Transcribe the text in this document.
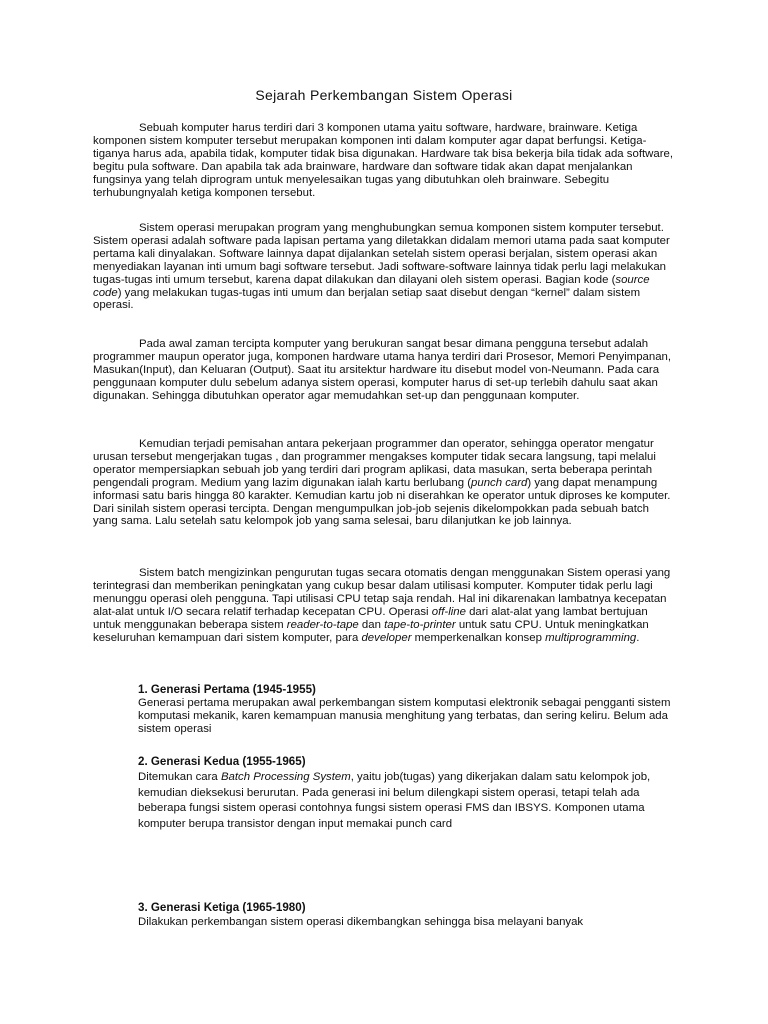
Sejarah Perkembangan Sistem Operasi

Sebuah komputer harus terdiri dari 3 komponen utama yaitu software, hardware, brainware. Ketiga komponen sistem komputer tersebut merupakan komponen inti dalam komputer agar dapat berfungsi. Ketiga-tiganya harus ada, apabila tidak, komputer tidak bisa digunakan. Hardware tak bisa bekerja bila tidak ada software, begitu pula software. Dan apabila tak ada brainware, hardware dan software tidak akan dapat menjalankan fungsinya yang telah diprogram untuk menyelesaikan tugas yang dibutuhkan oleh brainware. Sebegitu terhubungnyalah ketiga komponen tersebut.

Sistem operasi merupakan program yang menghubungkan semua komponen sistem komputer tersebut. Sistem operasi adalah software pada lapisan pertama yang diletakkan didalam memori utama pada saat komputer pertama kali dinyalakan. Software lainnya dapat dijalankan setelah sistem operasi berjalan, sistem operasi akan menyediakan layanan inti umum bagi software tersebut. Jadi software-software lainnya tidak perlu lagi melakukan tugas-tugas inti umum tersebut, karena dapat dilakukan dan dilayani oleh sistem operasi. Bagian kode (source code) yang melakukan tugas-tugas inti umum dan berjalan setiap saat disebut dengan “kernel” dalam sistem operasi.

Pada awal zaman tercipta komputer yang berukuran sangat besar dimana pengguna tersebut adalah programmer maupun operator juga, komponen hardware utama hanya terdiri dari Prosesor, Memori Penyimpanan, Masukan(Input), dan Keluaran (Output). Saat itu arsitektur hardware itu disebut model von-Neumann. Pada cara penggunaan komputer dulu sebelum adanya sistem operasi, komputer harus di set-up terlebih dahulu saat akan digunakan. Sehingga dibutuhkan operator agar memudahkan set-up dan penggunaan komputer.

Kemudian terjadi pemisahan antara pekerjaan programmer dan operator, sehingga operator mengatur urusan tersebut mengerjakan tugas , dan programmer mengakses komputer tidak secara langsung, tapi melalui operator mempersiapkan sebuah job yang terdiri dari program aplikasi, data masukan, serta beberapa perintah pengendali program. Medium yang lazim digunakan ialah kartu berlubang (punch card) yang dapat menampung informasi satu baris hingga 80 karakter. Kemudian kartu job ni diserahkan ke operator untuk diproses ke komputer. Dari sinilah sistem operasi tercipta. Dengan mengumpulkan job-job sejenis dikelompokkan pada sebuah batch yang sama. Lalu setelah satu kelompok job yang sama selesai, baru dilanjutkan ke job lainnya.

Sistem batch mengizinkan pengurutan tugas secara otomatis dengan menggunakan Sistem operasi yang terintegrasi dan memberikan peningkatan yang cukup besar dalam utilisasi komputer. Komputer tidak perlu lagi menunggu operasi oleh pengguna. Tapi utilisasi CPU tetap saja rendah. Hal ini dikarenakan lambatnya kecepatan alat-alat untuk I/O secara relatif terhadap kecepatan CPU. Operasi off-line dari alat-alat yang lambat bertujuan untuk menggunakan beberapa sistem reader-to-tape dan tape-to-printer untuk satu CPU. Untuk meningkatkan keseluruhan kemampuan dari sistem komputer, para developer memperkenalkan konsep multiprogramming.

1. Generasi Pertama (1945-1955)

Generasi pertama merupakan awal perkembangan sistem komputasi elektronik sebagai pengganti sistem komputasi mekanik, karen kemampuan manusia menghitung yang terbatas, dan sering keliru. Belum ada sistem operasi

2. Generasi Kedua (1955-1965)

Ditemukan cara Batch Processing System, yaitu job(tugas) yang dikerjakan dalam satu kelompok job, kemudian dieksekusi berurutan. Pada generasi ini belum dilengkapi sistem operasi, tetapi telah ada beberapa fungsi sistem operasi contohnya fungsi sistem operasi FMS dan IBSYS. Komponen utama komputer berupa transistor dengan input memakai punch card

3. Generasi Ketiga (1965-1980)

Dilakukan perkembangan sistem operasi dikembangkan sehingga bisa melayani banyak
